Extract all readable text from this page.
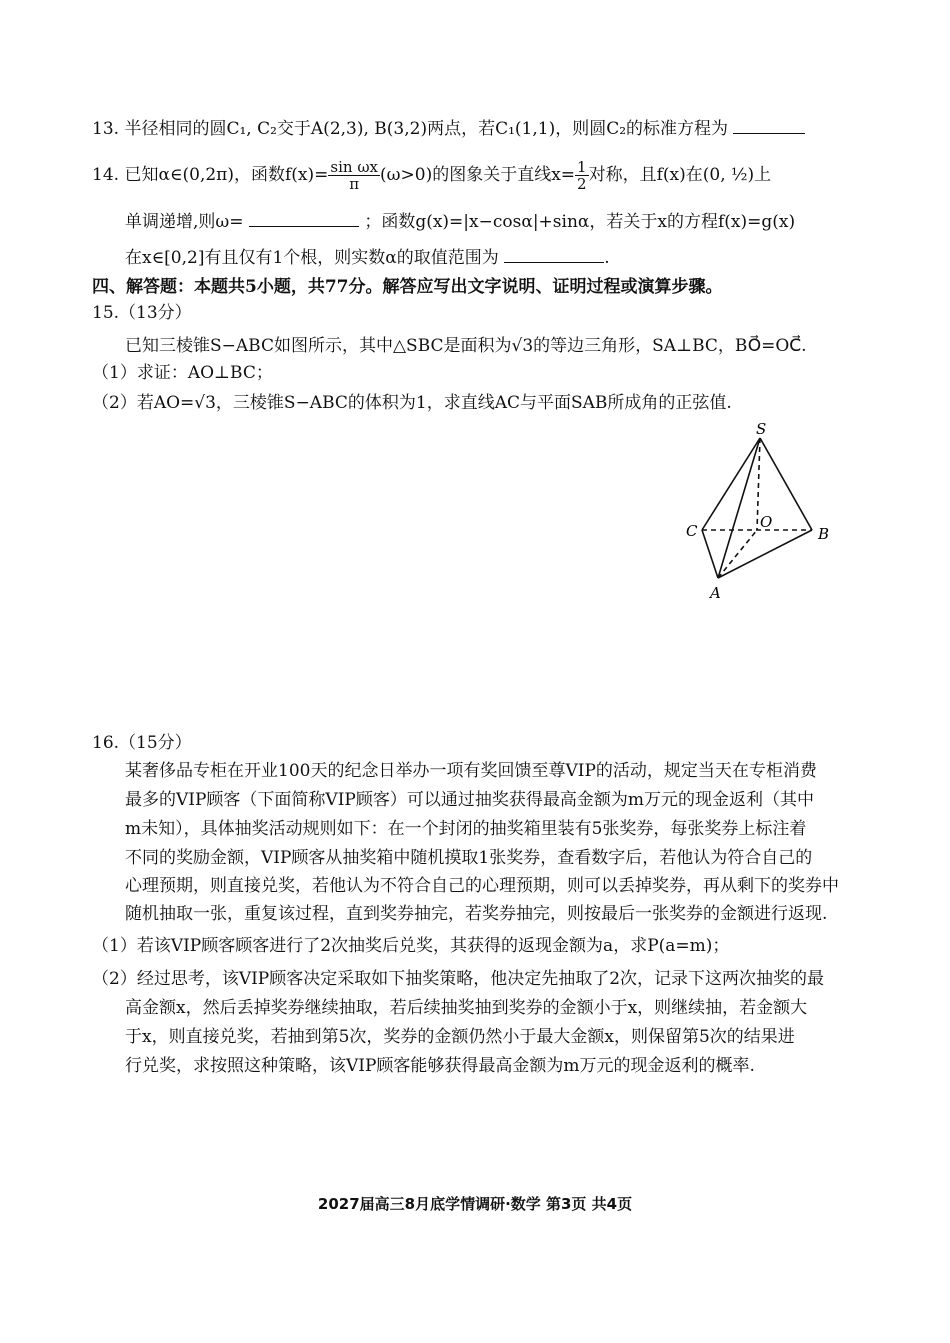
13. 半径相同的圆C₁, C₂交于A(2,3), B(3,2)两点，若C₁(1,1)，则圆C₂的标准方程为
14. 已知α∈(0,2π)，函数$f(x)= \frac{\text{sin ωx}}{\pi} (\omega>0)$的图象关于直线$x= \frac{1}{2}$ 对称，且f(x)在(0, ½)上
单调递增,则ω=	；函数g(x)=|x−cosα|+sinα，若关于x的方程f(x)=g(x)
在x∈[0,2]有且仅有1个根，则实数α的取值范围为	.
四、解答题：本题共5小题，共77分。解答应写出文字说明、证明过程或演算步骤。
15.（13分）
已知三棱锥S−ABC如图所示，其中△SBC是面积为√3的等边三角形，SA⊥BC，BO⃗=OC⃗.
（1）求证：AO⊥BC；
（2）若AO=√3，三棱锥S−ABC的体积为1，求直线AC与平面SAB所成角的正弦值.
S
C	O
B
A
16.（15分）
某奢侈品专柜在开业100天的纪念日举办一项有奖回馈至尊VIP的活动，规定当天在专柜消费
最多的VIP顾客（下面简称VIP顾客）可以通过抽奖获得最高金额为m万元的现金返利（其中
m未知），具体抽奖活动规则如下：在一个封闭的抽奖箱里装有5张奖券，每张奖券上标注着
不同的奖励金额，VIP顾客从抽奖箱中随机摸取1张奖券，查看数字后，若他认为符合自己的
心理预期，则直接兑奖，若他认为不符合自己的心理预期，则可以丢掉奖券，再从剩下的奖券中
随机抽取一张，重复该过程，直到奖券抽完，若奖券抽完，则按最后一张奖券的金额进行返现.
（1）若该VIP顾客顾客进行了2次抽奖后兑奖，其获得的返现金额为a，求P(a=m)；
（2）经过思考，该VIP顾客决定采取如下抽奖策略，他决定先抽取了2次，记录下这两次抽奖的最
高金额x，然后丢掉奖券继续抽取，若后续抽奖抽到奖券的金额小于x，则继续抽，若金额大
于x，则直接兑奖，若抽到第5次，奖券的金额仍然小于最大金额x，则保留第5次的结果进
行兑奖，求按照这种策略，该VIP顾客能够获得最高金额为m万元的现金返利的概率.
2027届高三8月底学情调研·数学 第3页 共4页
